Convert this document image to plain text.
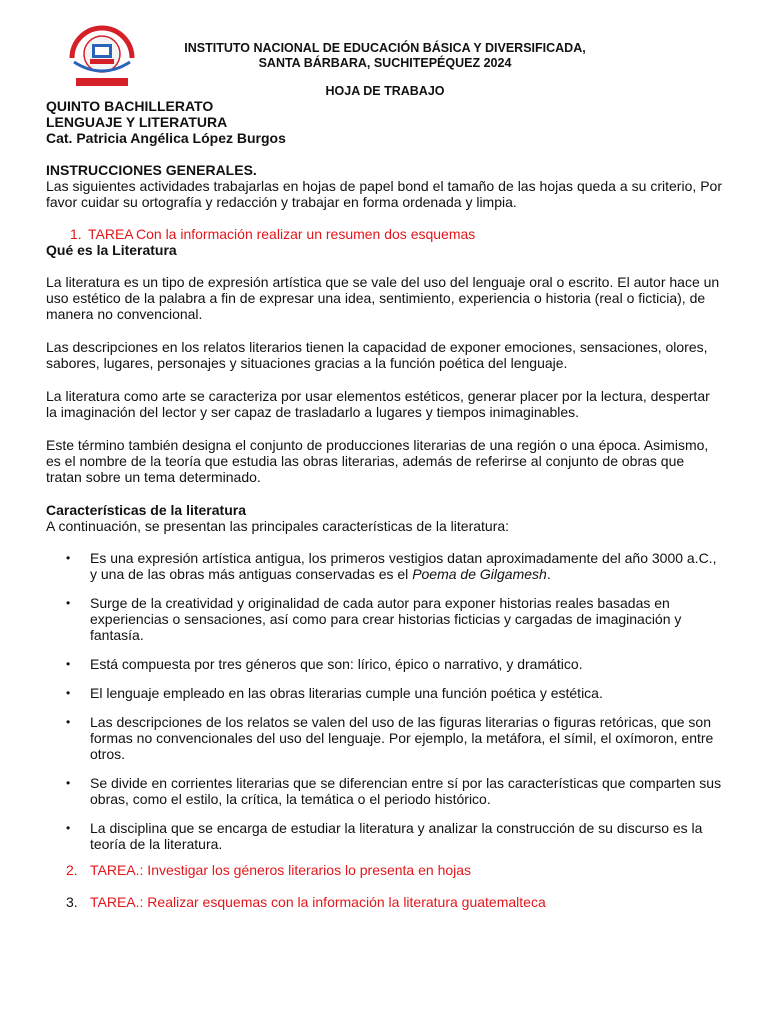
INSTITUTO NACIONAL DE EDUCACIÓN BÁSICA Y DIVERSIFICADA,
SANTA BÁRBARA, SUCHITEPÉQUEZ 2024
HOJA DE TRABAJO
QUINTO BACHILLERATO
LENGUAJE Y LITERATURA
Cat. Patricia Angélica López Burgos
INSTRUCCIONES GENERALES.

Las siguientes actividades trabajarlas en hojas de papel bond el tamaño de las hojas queda a su criterio, Por favor cuidar su ortografía y redacción y trabajar en forma ordenada y limpia.

1. TAREA Con la información realizar un resumen dos esquemas
Qué es la Literatura

La literatura es un tipo de expresión artística que se vale del uso del lenguaje oral o escrito. El autor hace un uso estético de la palabra a fin de expresar una idea, sentimiento, experiencia o historia (real o ficticia), de manera no convencional.

Las descripciones en los relatos literarios tienen la capacidad de exponer emociones, sensaciones, olores, sabores, lugares, personajes y situaciones gracias a la función poética del lenguaje.

La literatura como arte se caracteriza por usar elementos estéticos, generar placer por la lectura, despertar la imaginación del lector y ser capaz de trasladarlo a lugares y tiempos inimaginables.

Este término también designa el conjunto de producciones literarias de una región o una época. Asimismo, es el nombre de la teoría que estudia las obras literarias, además de referirse al conjunto de obras que tratan sobre un tema determinado.

Características de la literatura
A continuación, se presentan las principales características de la literatura:
• Es una expresión artística antigua, los primeros vestigios datan aproximadamente del año 3000 a.C., y una de las obras más antiguas conservadas es el Poema de Gilgamesh.
• Surge de la creatividad y originalidad de cada autor para exponer historias reales basadas en experiencias o sensaciones, así como para crear historias ficticias y cargadas de imaginación y fantasía.
• Está compuesta por tres géneros que son: lírico, épico o narrativo, y dramático.
• El lenguaje empleado en las obras literarias cumple una función poética y estética.
• Las descripciones de los relatos se valen del uso de las figuras literarias o figuras retóricas, que son formas no convencionales del uso del lenguaje. Por ejemplo, la metáfora, el símil, el oxímoron, entre otros.
• Se divide en corrientes literarias que se diferencian entre sí por las características que comparten sus obras, como el estilo, la crítica, la temática o el periodo histórico.
• La disciplina que se encarga de estudiar la literatura y analizar la construcción de su discurso es la teoría de la literatura.
2. TAREA.: Investigar los géneros literarios lo presenta en hojas
3. TAREA.: Realizar esquemas con la información la literatura guatemalteca
